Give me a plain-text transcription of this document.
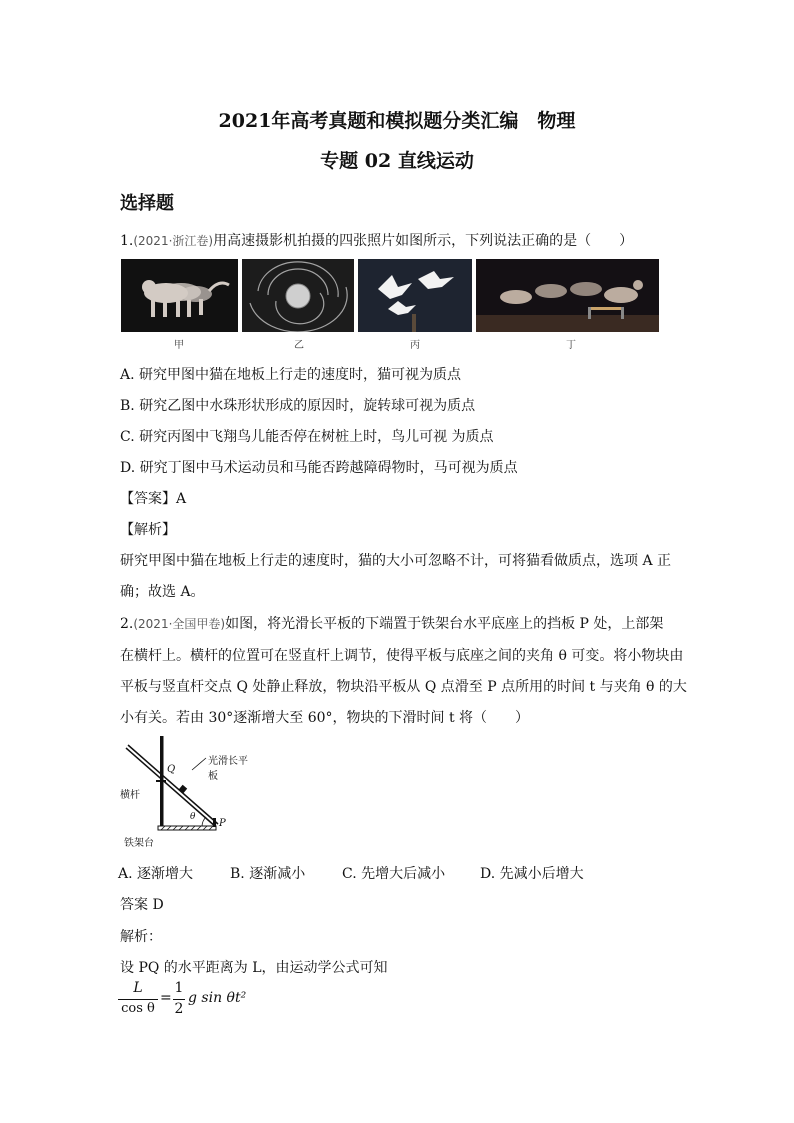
2021年高考真题和模拟题分类汇编　物理
专题 02 直线运动
选择题
1.(2021·浙江卷)用高速摄影机拍摄的四张照片如图所示，下列说法正确的是（　　）
甲	乙	丙	丁
A. 研究甲图中猫在地板上行走的速度时，猫可视为质点
B. 研究乙图中水珠形状形成的原因时，旋转球可视为质点
C. 研究丙图中飞翔鸟儿能否停在树桩上时，鸟儿可视 为质点
D. 研究丁图中马术运动员和马能否跨越障碍物时，马可视为质点
【答案】A
【解析】
研究甲图中猫在地板上行走的速度时，猫的大小可忽略不计，可将猫看做质点，选项 A 正
确；故选 A。
2.(2021·全国甲卷)如图，将光滑长平板的下端置于铁架台水平底座上的挡板 P 处，上部架
在横杆上。横杆的位置可在竖直杆上调节，使得平板与底座之间的夹角 θ 可变。将小物块由
平板与竖直杆交点 Q 处静止释放，物块沿平板从 Q 点滑至 P 点所用的时间 t 与夹角 θ 的大
小有关。若由 30°逐渐增大至 60°，物块的下滑时间 t 将（　　）
光滑长平板
横杆
铁架台
Q
P
θ
A. 逐渐增大	B. 逐渐减小	C. 先增大后减小 D. 先减小后增大
答案 D
解析：
设 PQ 的水平距离为 L，由运动学公式可知
L
cos θ
=
1
2
g sin θt²
